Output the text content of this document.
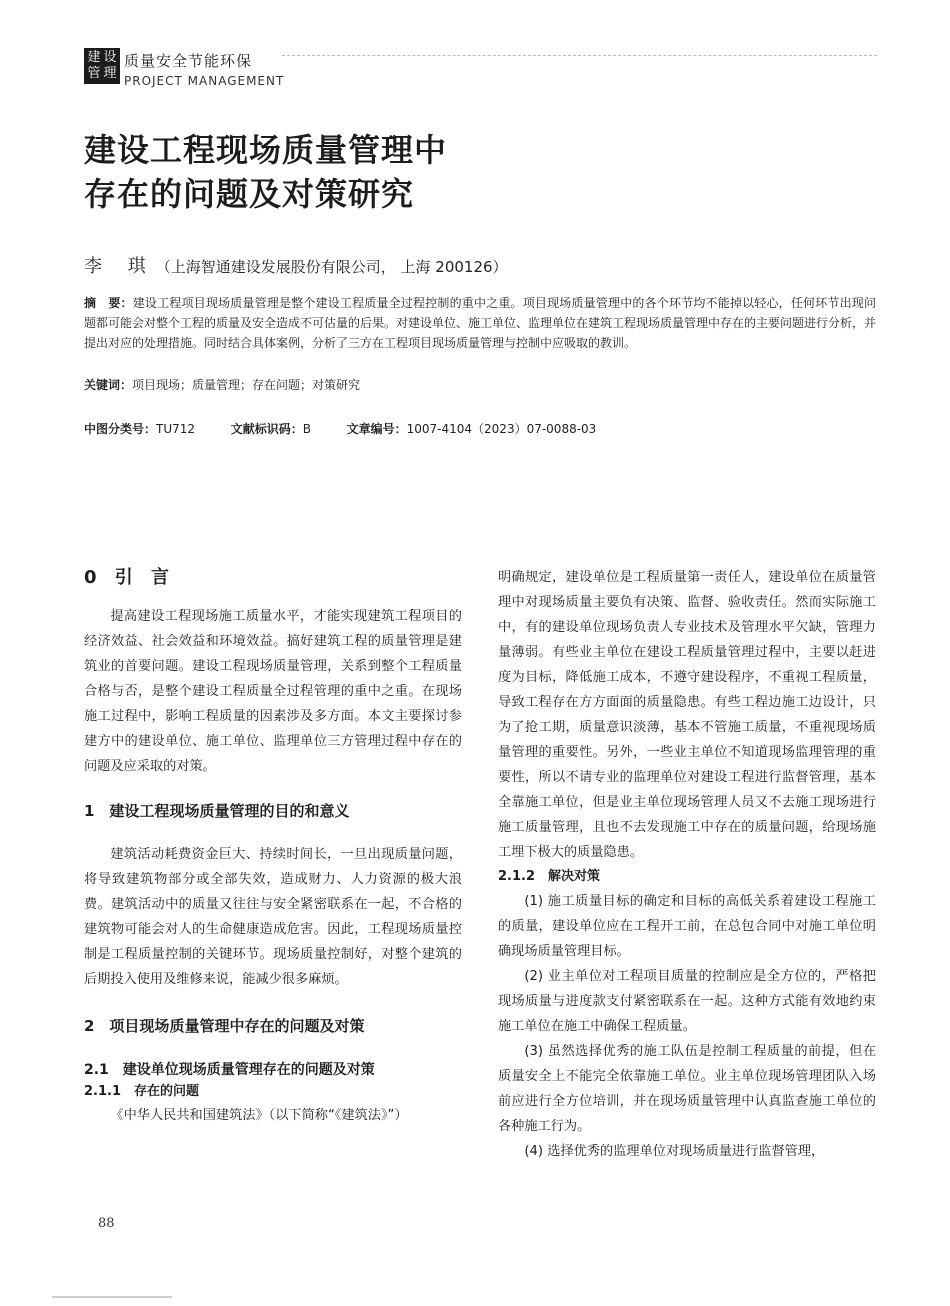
建 设
管 理
质量安全节能环保
PROJECT MANAGEMENT
建设工程现场质量管理中
存在的问题及对策研究
李 琪（上海智通建设发展股份有限公司， 上海 200126）
摘　要：建设工程项目现场质量管理是整个建设工程质量全过程控制的重中之重。项目现场质量管理中的各个环节均不能掉以轻心，任何环节出现问题都可能会对整个工程的质量及安全造成不可估量的后果。对建设单位、施工单位、监理单位在建筑工程现场质量管理中存在的主要问题进行分析，并提出对应的处理措施。同时结合具体案例，分析了三方在工程项目现场质量管理与控制中应吸取的教训。
关键词：项目现场；质量管理；存在问题；对策研究
中图分类号：TU712	文献标识码：B	文章编号：1007-4104（2023）07-0088-03

0 引 言

提高建设工程现场施工质量水平，才能实现建筑工程项目的经济效益、社会效益和环境效益。搞好建筑工程的质量管理是建筑业的首要问题。建设工程现场质量管理，关系到整个工程质量合格与否，是整个建设工程质量全过程管理的重中之重。在现场施工过程中，影响工程质量的因素涉及多方面。本文主要探讨参建方中的建设单位、施工单位、监理单位三方管理过程中存在的问题及应采取的对策。

1　建设工程现场质量管理的目的和意义

建筑活动耗费资金巨大、持续时间长，一旦出现质量问题，将导致建筑物部分或全部失效，造成财力、人力资源的极大浪费。建筑活动中的质量又往往与安全紧密联系在一起，不合格的建筑物可能会对人的生命健康造成危害。因此，工程现场质量控制是工程质量控制的关键环节。现场质量控制好，对整个建筑的后期投入使用及维修来说，能减少很多麻烦。

2　项目现场质量管理中存在的问题及对策

2.1　建设单位现场质量管理存在的问题及对策

2.1.1　存在的问题

《中华人民共和国建筑法》（以下简称“《建筑法》”）

明确规定，建设单位是工程质量第一责任人，建设单位在质量管理中对现场质量主要负有决策、监督、验收责任。然而实际施工中，有的建设单位现场负责人专业技术及管理水平欠缺，管理力量薄弱。有些业主单位在建设工程质量管理过程中，主要以赶进度为目标，降低施工成本，不遵守建设程序，不重视工程质量，导致工程存在方方面面的质量隐患。有些工程边施工边设计，只为了抢工期，质量意识淡薄，基本不管施工质量，不重视现场质量管理的重要性。另外，一些业主单位不知道现场监理管理的重要性，所以不请专业的监理单位对建设工程进行监督管理，基本全靠施工单位，但是业主单位现场管理人员又不去施工现场进行施工质量管理，且也不去发现施工中存在的质量问题，给现场施工埋下极大的质量隐患。

2.1.2　解决对策

(1) 施工质量目标的确定和目标的高低关系着建设工程施工的质量，建设单位应在工程开工前，在总包合同中对施工单位明确现场质量管理目标。

(2) 业主单位对工程项目质量的控制应是全方位的，严格把现场质量与进度款支付紧密联系在一起。这种方式能有效地约束施工单位在施工中确保工程质量。

(3) 虽然选择优秀的施工队伍是控制工程质量的前提，但在质量安全上不能完全依靠施工单位。业主单位现场管理团队入场前应进行全方位培训，并在现场质量管理中认真监查施工单位的各种施工行为。

(4) 选择优秀的监理单位对现场质量进行监督管理，

88
